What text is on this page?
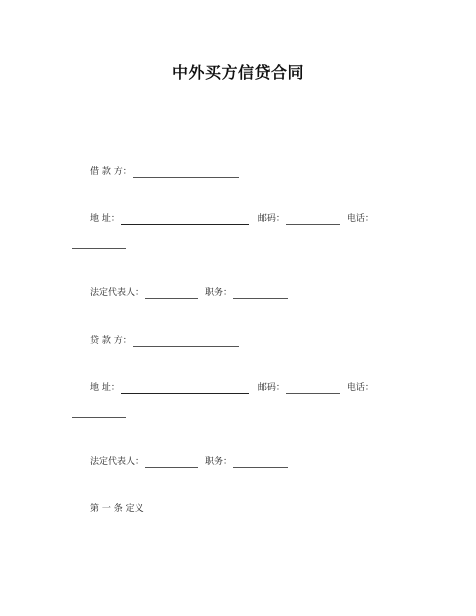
中外买方信贷合同
借 款 方：
地 址：	邮码：	电话：
法定代表人：	职务：
贷 款 方：
地 址：	邮码：	电话：
法定代表人：	职务：
第 一 条 定义
